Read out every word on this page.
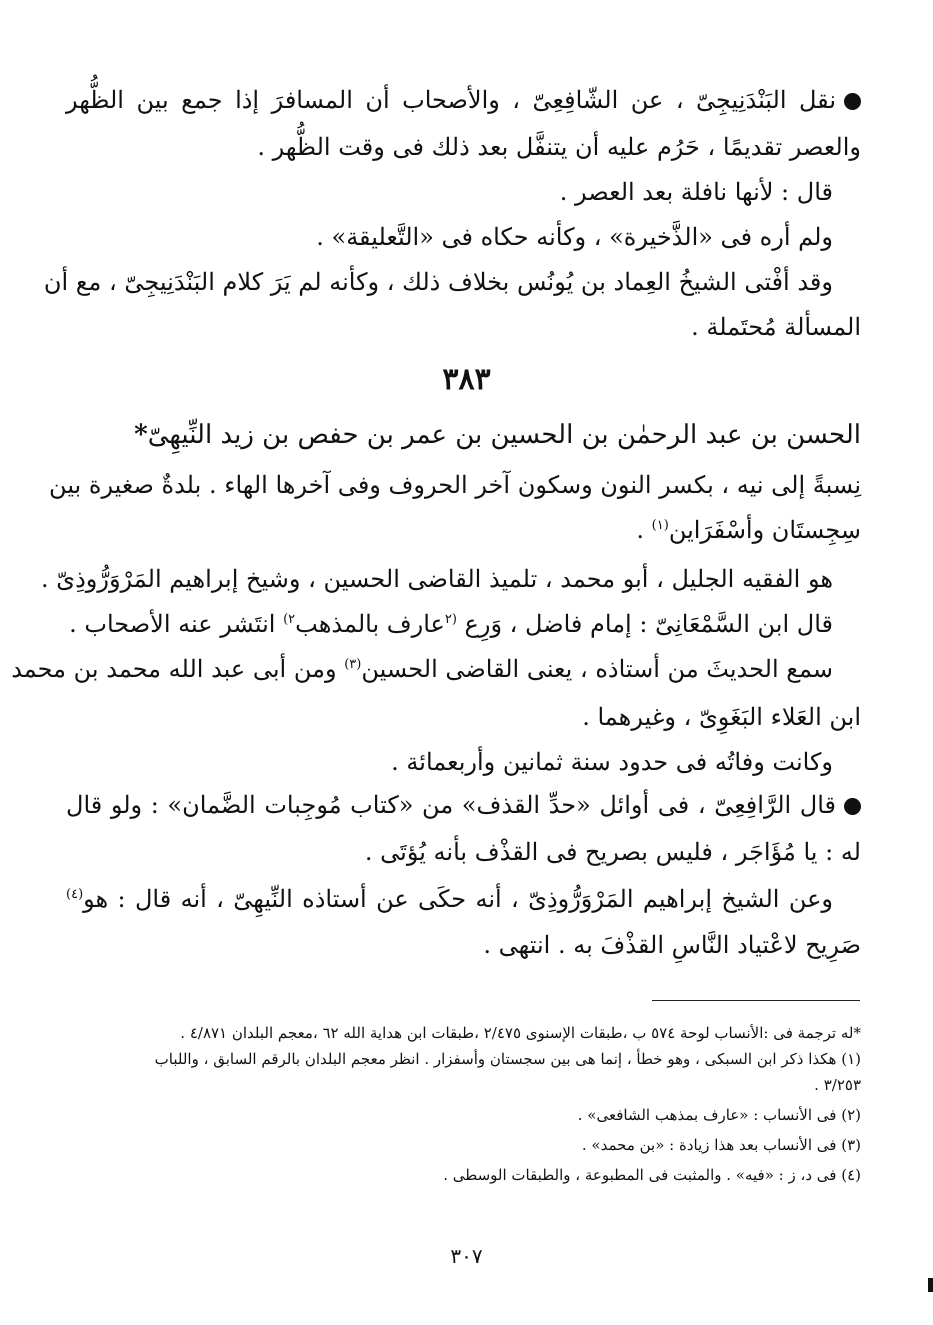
نقل البَنْدَنِيجِىّ ، عن الشّافِعِىّ ، والأصحاب أن المسافرَ إذا جمع بين الظُّهر
والعصر تقديمًا ، حَرُم عليه أن يتنفَّل بعد ذلك فى وقت الظُّهر .
قال : لأنها نافلة بعد العصر .
ولم أره فى «الذَّخيرة» ، وكأنه حكاه فى «التَّعليقة» .
وقد أفْتى الشيخُ العِماد بن يُونُس بخلاف ذلك ، وكأنه لم يَرَ كلام البَنْدَنِيجِىّ ، مع أن
المسألة مُحتَملة .
٣٨٣
الحسن بن عبد الرحمٰن بن الحسين بن عمر بن حفص بن زيد النِّيهِىّ*
نِسبةً إلى نيه ، بكسر النون وسكون آخر الحروف وفى آخرها الهاء . بلدةٌ صغيرة بين
سِجِستَان وأسْفَرَاين$^{(١)}$ .
هو الفقيه الجليل ، أبو محمد ، تلميذ القاضى الحسين ، وشيخ إبراهيم المَرْوَرُّوذِىّ .
قال ابن السَّمْعَانِىّ : إمام فاضل ، وَرِع $^{(٢}$عارف بالمذهب$^{٢)}$ انتَشر عنه الأصحاب .
سمع الحديثَ من أستاذه ، يعنى القاضى الحسين$^{(٣)}$ ومن أبى عبد الله محمد بن محمد
ابن العَلاء البَغَوِىّ ، وغيرهما .
وكانت وفاتُه فى حدود سنة ثمانين وأربعمائة .
قال الرَّافِعِىّ ، فى أوائل «حدِّ القذف» من «كتاب مُوجِبات الضَّمان» : ولو قال
له : يا مُؤَاجَر ، فليس بصريح فى القذْف بأنه يُؤتَى .
وعن الشيخ إبراهيم المَرْوَرُّوذِىّ ، أنه حكَى عن أستاذه النِّيهِىّ ، أنه قال : هو$^{(٤)}$
صَرِيح لاعْتياد النَّاسِ القذْفَ به . انتهى .
*له ترجمة فى :الأنساب لوحة ٥٧٤ ب ،طبقات الإسنوى ٢/٤٧٥ ،طبقات ابن هداية الله ٦٢ ،معجم البلدان ٤/٨٧١ .
(١) هكذا ذكر ابن السبكى ، وهو خطأ ، إنما هى بين سجستان وأسفزار . انظر معجم البلدان بالرقم السابق ، واللباب
٣/٢٥٣ .
(٢) فى الأنساب : «عارف بمذهب الشافعى» .
(٣) فى الأنساب بعد هذا زيادة : «بن محمد» .
(٤) فى د، ز : «فيه» . والمثبت فى المطبوعة ، والطبقات الوسطى .
٣٠٧
